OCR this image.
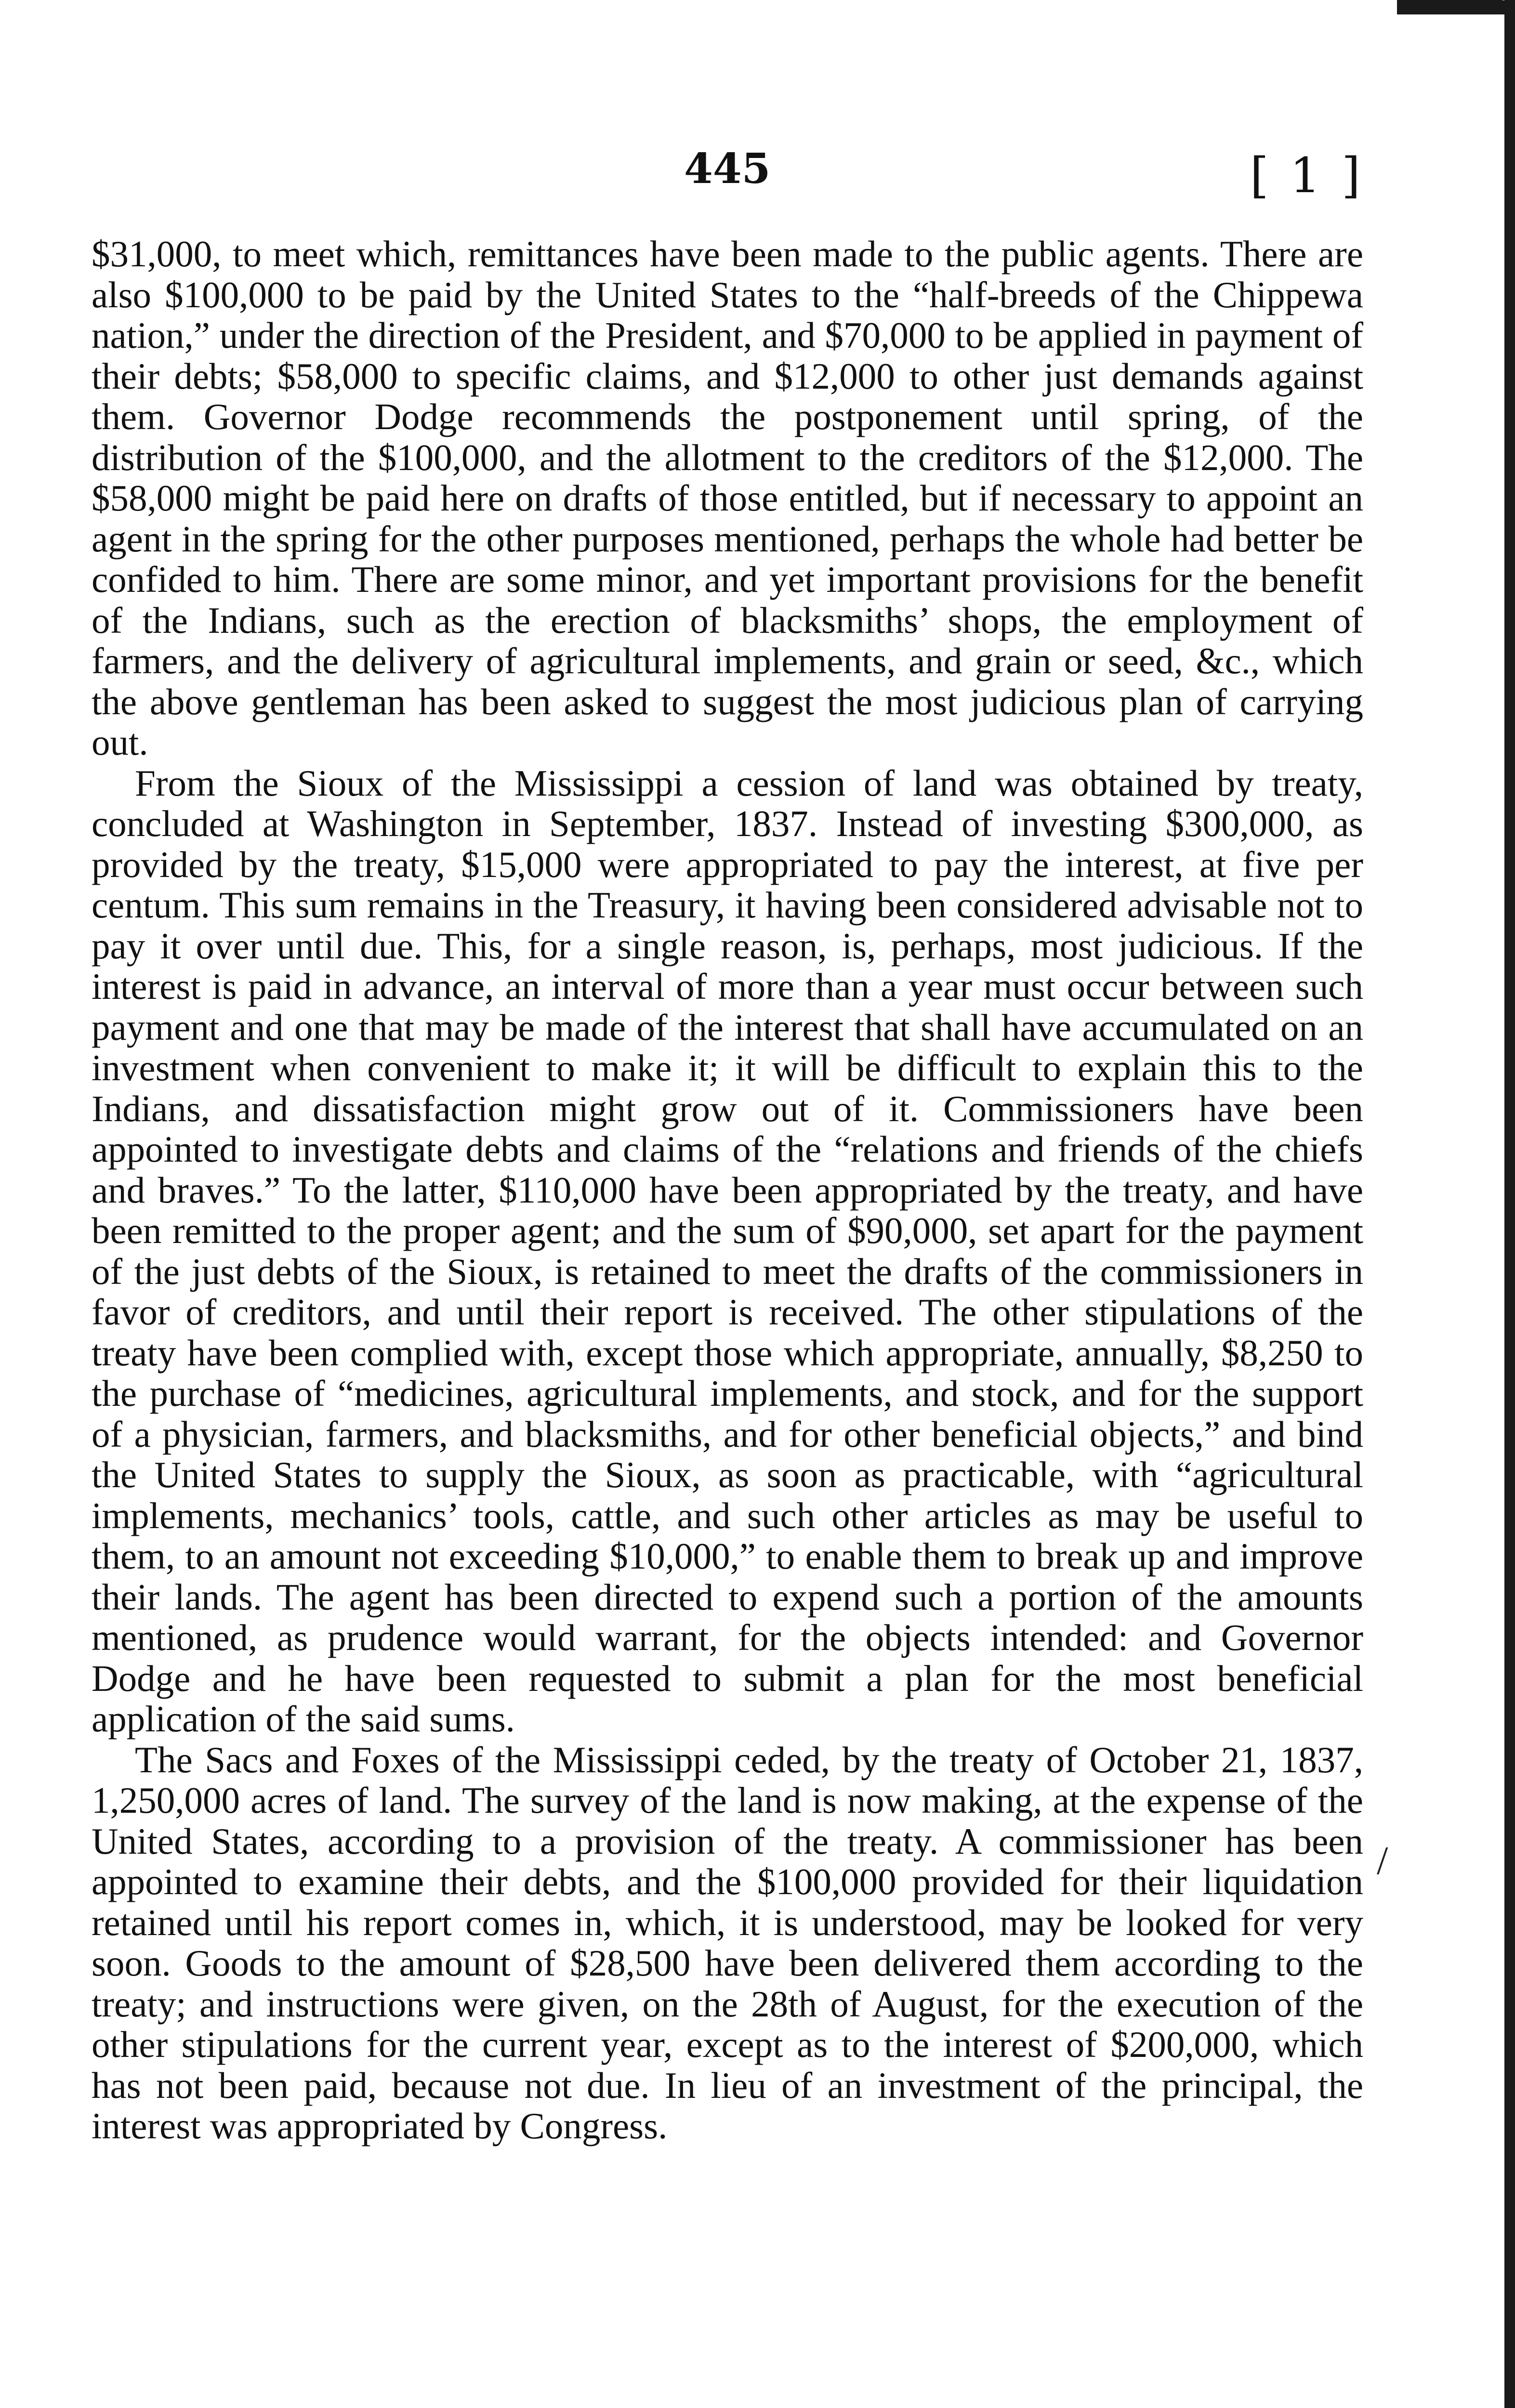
445	[ 1 ]

$31,000, to meet which, remittances have been made to the public agents. There are also $100,000 to be paid by the United States to the “half-breeds of the Chippewa nation,” under the direction of the President, and $70,000 to be applied in payment of their debts; $58,000 to specific claims, and $12,000 to other just demands against them. Governor Dodge recommends the postponement until spring, of the distribution of the $100,000, and the allotment to the creditors of the $12,000. The $58,000 might be paid here on drafts of those entitled, but if necessary to appoint an agent in the spring for the other purposes mentioned, perhaps the whole had better be confided to him. There are some minor, and yet important provisions for the benefit of the Indians, such as the erection of blacksmiths’ shops, the employment of farmers, and the delivery of agricultural implements, and grain or seed, &c., which the above gentleman has been asked to suggest the most judicious plan of carrying out.

From the Sioux of the Mississippi a cession of land was obtained by treaty, concluded at Washington in September, 1837. Instead of investing $300,000, as provided by the treaty, $15,000 were appropriated to pay the interest, at five per centum. This sum remains in the Treasury, it having been considered advisable not to pay it over until due. This, for a single reason, is, perhaps, most judicious. If the interest is paid in advance, an interval of more than a year must occur between such payment and one that may be made of the interest that shall have accumulated on an investment when convenient to make it; it will be difficult to explain this to the Indians, and dissatisfaction might grow out of it. Commissioners have been appointed to investigate debts and claims of the “relations and friends of the chiefs and braves.” To the latter, $110,000 have been appropriated by the treaty, and have been remitted to the proper agent; and the sum of $90,000, set apart for the payment of the just debts of the Sioux, is retained to meet the drafts of the commissioners in favor of creditors, and until their report is received. The other stipulations of the treaty have been complied with, except those which appropriate, annually, $8,250 to the purchase of “medicines, agricultural implements, and stock, and for the support of a physician, farmers, and blacksmiths, and for other beneficial objects,” and bind the United States to supply the Sioux, as soon as practicable, with “agricultural implements, mechanics’ tools, cattle, and such other articles as may be useful to them, to an amount not exceeding $10,000,” to enable them to break up and improve their lands. The agent has been directed to expend such a portion of the amounts mentioned, as prudence would warrant, for the objects intended: and Governor Dodge and he have been requested to submit a plan for the most beneficial application of the said sums.

The Sacs and Foxes of the Mississippi ceded, by the treaty of October 21, 1837, 1,250,000 acres of land. The survey of the land is now making, at the expense of the United States, according to a provision of the treaty. A commissioner has been appointed to examine their debts, and the $100,000 provided for their liquidation retained until his report comes in, which, it is understood, may be looked for very soon. Goods to the amount of $28,500 have been delivered them according to the treaty; and instructions were given, on the 28th of August, for the execution of the other stipulations for the current year, except as to the interest of $200,000, which has not been paid, because not due. In lieu of an investment of the principal, the interest was appropriated by Congress.

/
